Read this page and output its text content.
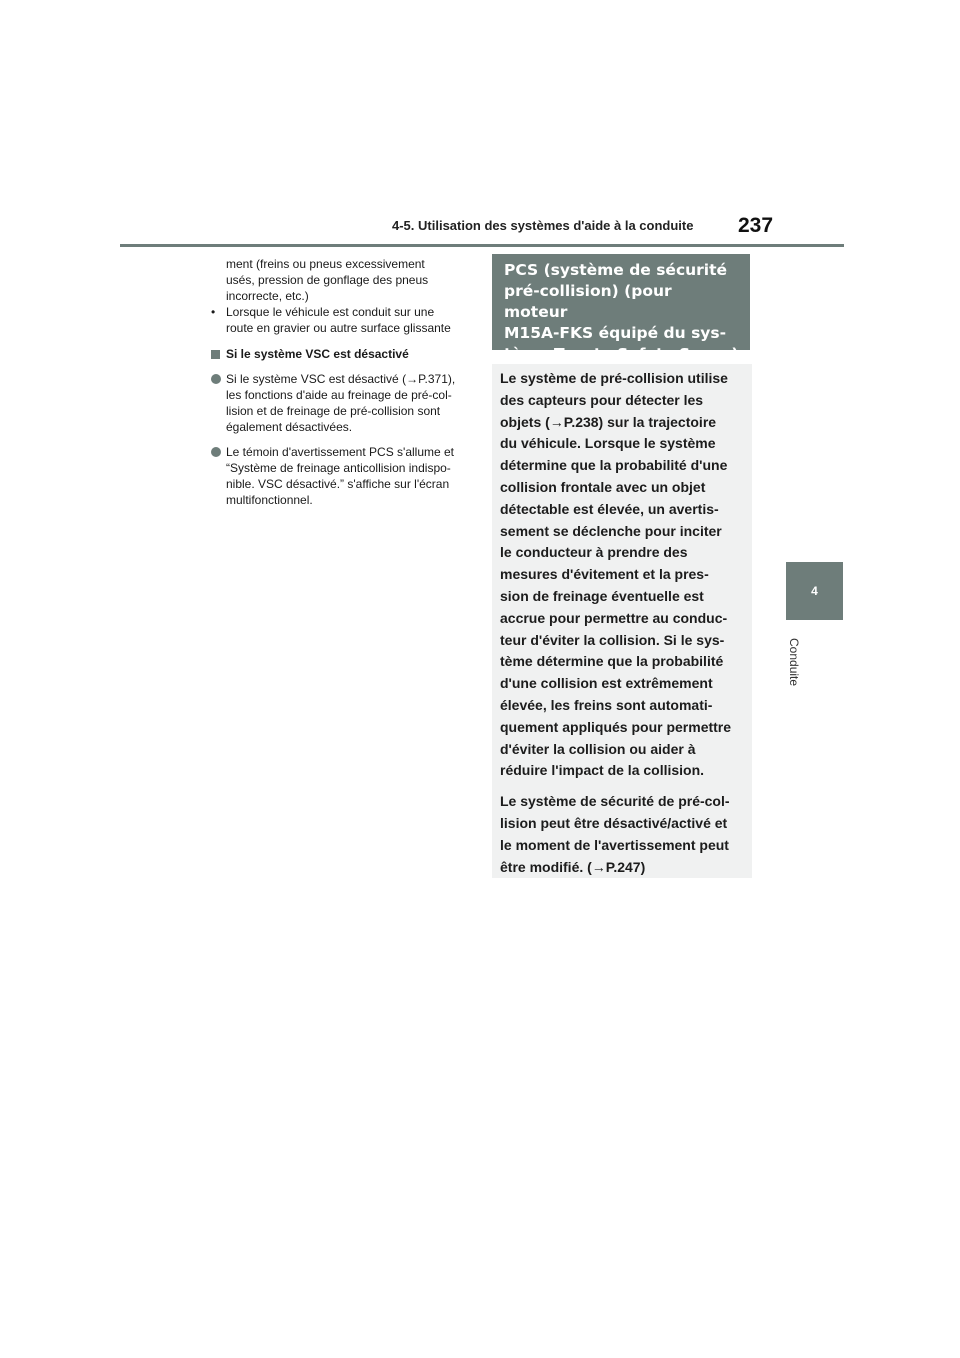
4-5. Utilisation des systèmes d'aide à la conduite 237
4
Conduite

ment (freins ou pneus excessivement

usés, pression de gonflage des pneus

incorrecte, etc.)

• Lorsque le véhicule est conduit sur une

route en gravier ou autre surface glissante

Si le système VSC est désactivé

Si le système VSC est désactivé (→P.371),

les fonctions d'aide au freinage de pré-col-

lision et de freinage de pré-collision sont

également désactivées.

Le témoin d'avertissement PCS s'allume et

“Système de freinage anticollision indispo-

nible. VSC désactivé.” s'affiche sur l'écran

multifonctionnel.

PCS (système de sécurité
pré-collision) (pour moteur
M15A-FKS équipé du sys-
tème Toyota Safety Sense)
Le système de pré-collision utilise
des capteurs pour détecter les
objets (→P.238) sur la trajectoire
du véhicule. Lorsque le système
détermine que la probabilité d'une
collision frontale avec un objet
détectable est élevée, un avertis-
sement se déclenche pour inciter
le conducteur à prendre des
mesures d'évitement et la pres-
sion de freinage éventuelle est
accrue pour permettre au conduc-
teur d'éviter la collision. Si le sys-
tème détermine que la probabilité
d'une collision est extrêmement
élevée, les freins sont automati-
quement appliqués pour permettre
d'éviter la collision ou aider à
réduire l'impact de la collision.
Le système de sécurité de pré-col-
lision peut être désactivé/activé et
le moment de l'avertissement peut
être modifié. (→P.247)
